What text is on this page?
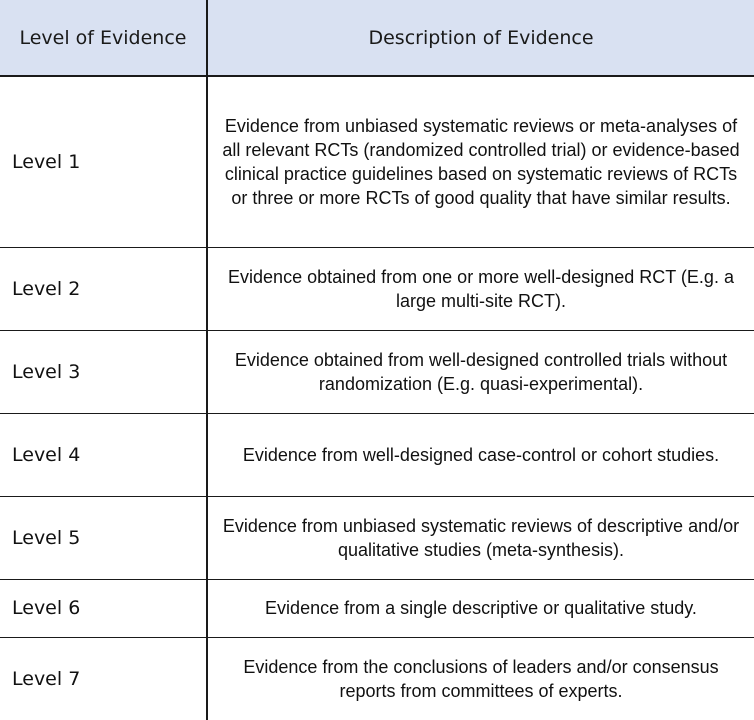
Level of Evidence	Description of Evidence
Level 1	Evidence from unbiased systematic reviews or meta-analyses of all relevant RCTs (randomized controlled trial) or evidence-based clinical practice guidelines based on systematic reviews of RCTs or three or more RCTs of good quality that have similar results.
Level 2	Evidence obtained from one or more well-designed RCT (E.g. a large multi-site RCT).
Level 3	Evidence obtained from well-designed controlled trials without randomization (E.g. quasi-experimental).
Level 4	Evidence from well-designed case-control or cohort studies.
Level 5	Evidence from unbiased systematic reviews of descriptive and/or qualitative studies (meta-synthesis).
Level 6	Evidence from a single descriptive or qualitative study.
Level 7	Evidence from the conclusions of leaders and/or consensus reports from committees of experts.
